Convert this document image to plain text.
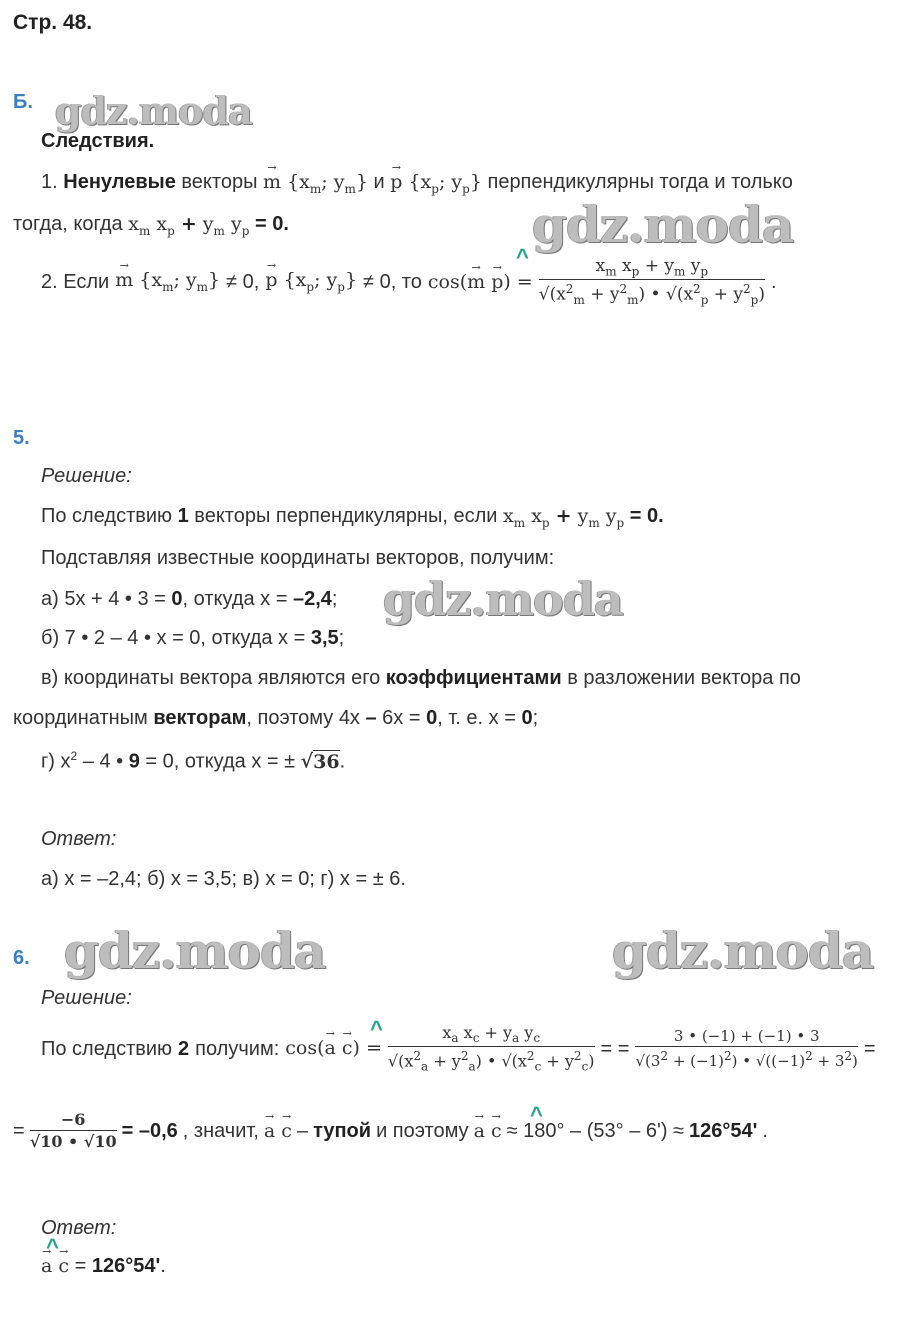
Стр. 48.
Б. gdz.moda
Следствия.
1. Ненулевые векторы → m {$x_m$; $y_m$} и → p {$x_p$; $y_p$} перпендикулярны тогда и только
тогда, когда $x_m$ $x_p + y_m$ $y_p = 0$.	gdz.moda
^
2. Если → m {$x_m$; $y_m\} \ne 0$, → p {$x_p$; $y_p\} \ne 0$, то $\cos(\to m \to p) = \frac{x_m x_p + y_m y_p}{√(x^2_m + y^2_m) • √(x^2_p + y^2_p)}$ .
5.
Решение:
По следствию 1 векторы перпендикулярны, если $x_m$ $x_p + y_m$ $y_p = 0$.
Подставляя известные координаты векторов, получим:
а) 5x + 4 • 3 = 0, откуда x = –2,4; gdz.moda
б) 7 • 2 – 4 • x = 0, откуда x = 3,5;
в) координаты вектора являются его коэффициентами в разложении вектора по
координатным векторам, поэтому 4x – 6x = 0, т. е. x = 0;
г) $x^2 - 4$ • 9 = 0, откуда x = ± √36.
Ответ:
а) x = –2,4; б) x = 3,5; в) x = 0; г) x = ± 6.
6. gdz.moda	gdz.moda
Решение:
^
По следствию 2 получим: $\cos(\to a \to c) = \frac{x_a x_c + y_a y_c}{√(x^2_a + y^2_a) • √(x^2_c + y^2_c)}$ = = $\frac{3 • (-1) + (-1) • 3}{√(3^2 + (-1)^2) • √((-1)^2 + 3^2)}$ =
^
= $\frac{-6}{√10 • √10} = -0,6$ , значит, → a → c – тупой и поэтому → a → c ≈ 180° – (53° – 6') ≈ 126°54' .
Ответ:
^
→ a → c = 126°54'.
